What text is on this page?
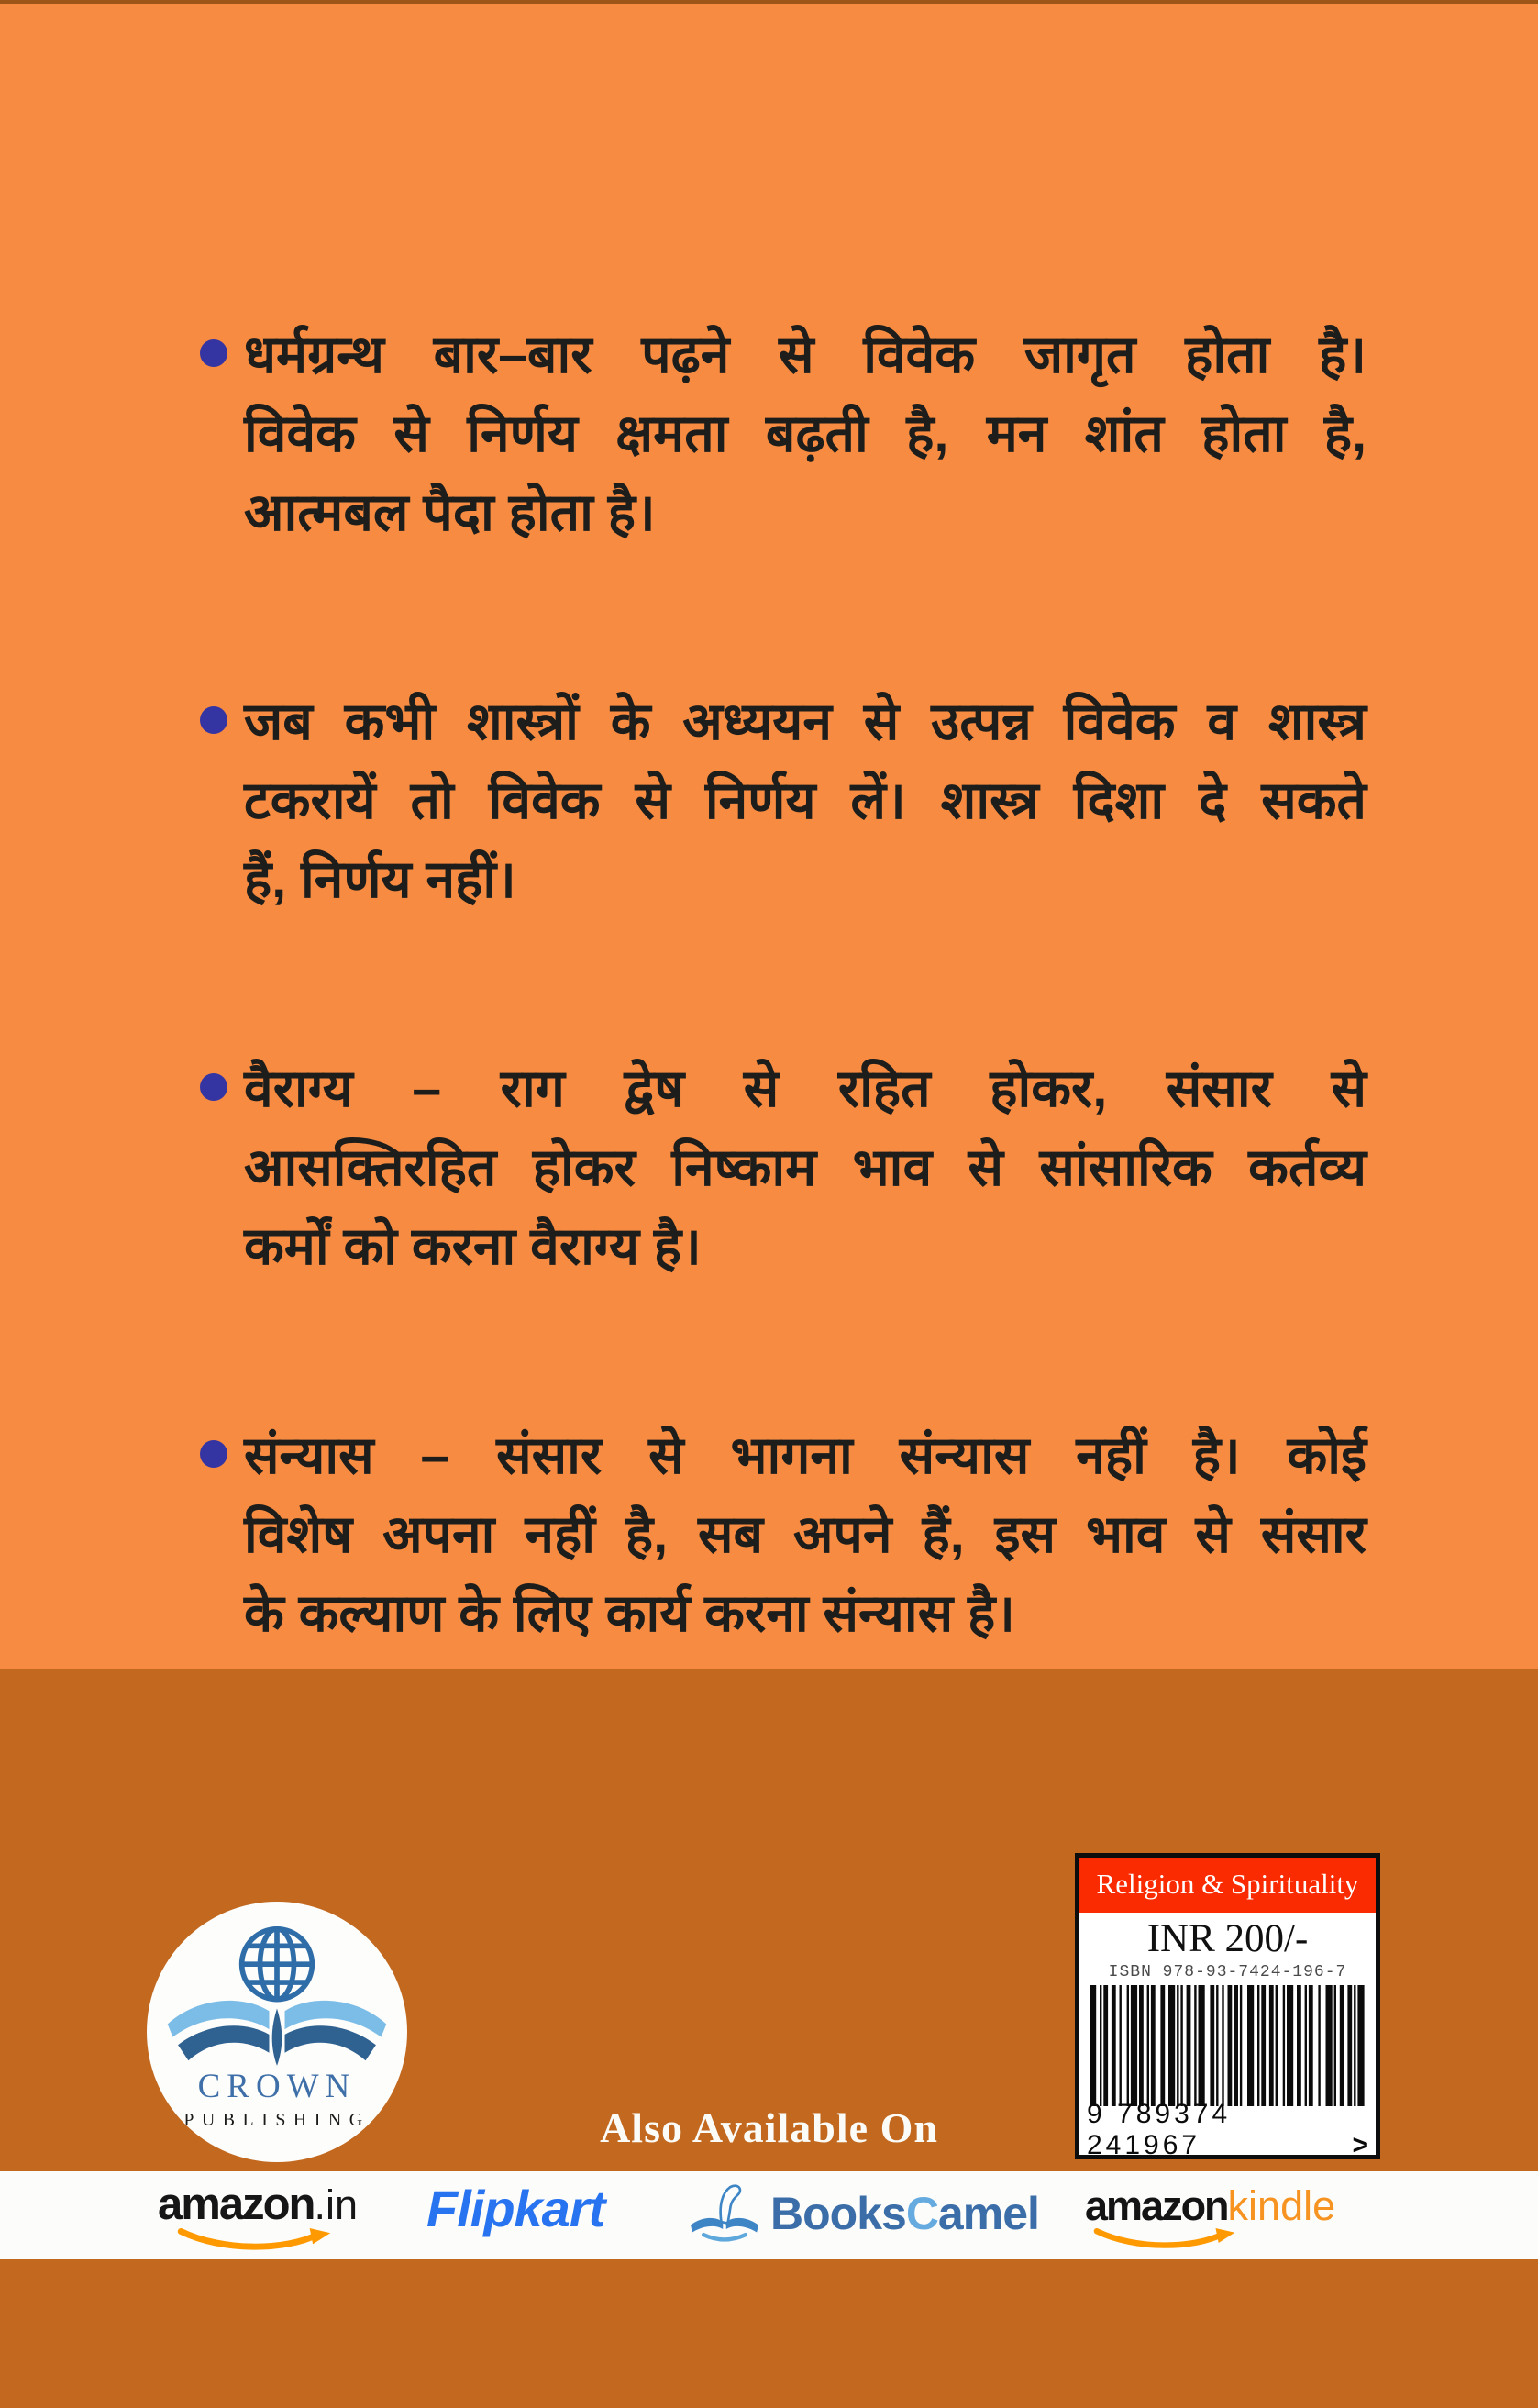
धर्मग्रन्थ बार–बार पढ़ने से विवेक जागृत होता है।
विवेक से निर्णय क्षमता बढ़ती है, मन शांत होता है,
आत्मबल पैदा होता है।
जब कभी शास्त्रों के अध्ययन से उत्पन्न विवेक व शास्त्र
टकरायें तो विवेक से निर्णय लें। शास्त्र दिशा दे सकते
हैं, निर्णय नहीं।
वैराग्य – राग द्वेष से रहित होकर, संसार से
आसक्तिरहित होकर निष्काम भाव से सांसारिक कर्तव्य
कर्मों को करना वैराग्य है।
संन्यास – संसार से भागना संन्यास नहीं है। कोई
विशेष अपना नहीं है, सब अपने हैं, इस भाव से संसार
के कल्याण के लिए कार्य करना संन्यास है।
CROWN
PUBLISHING
Religion & Spirituality
INR 200/-
ISBN 978-93-7424-196-7
9 789374 241967	>
Also Available On
amazon.in Flipkart	BooksCamel amazonkindle
